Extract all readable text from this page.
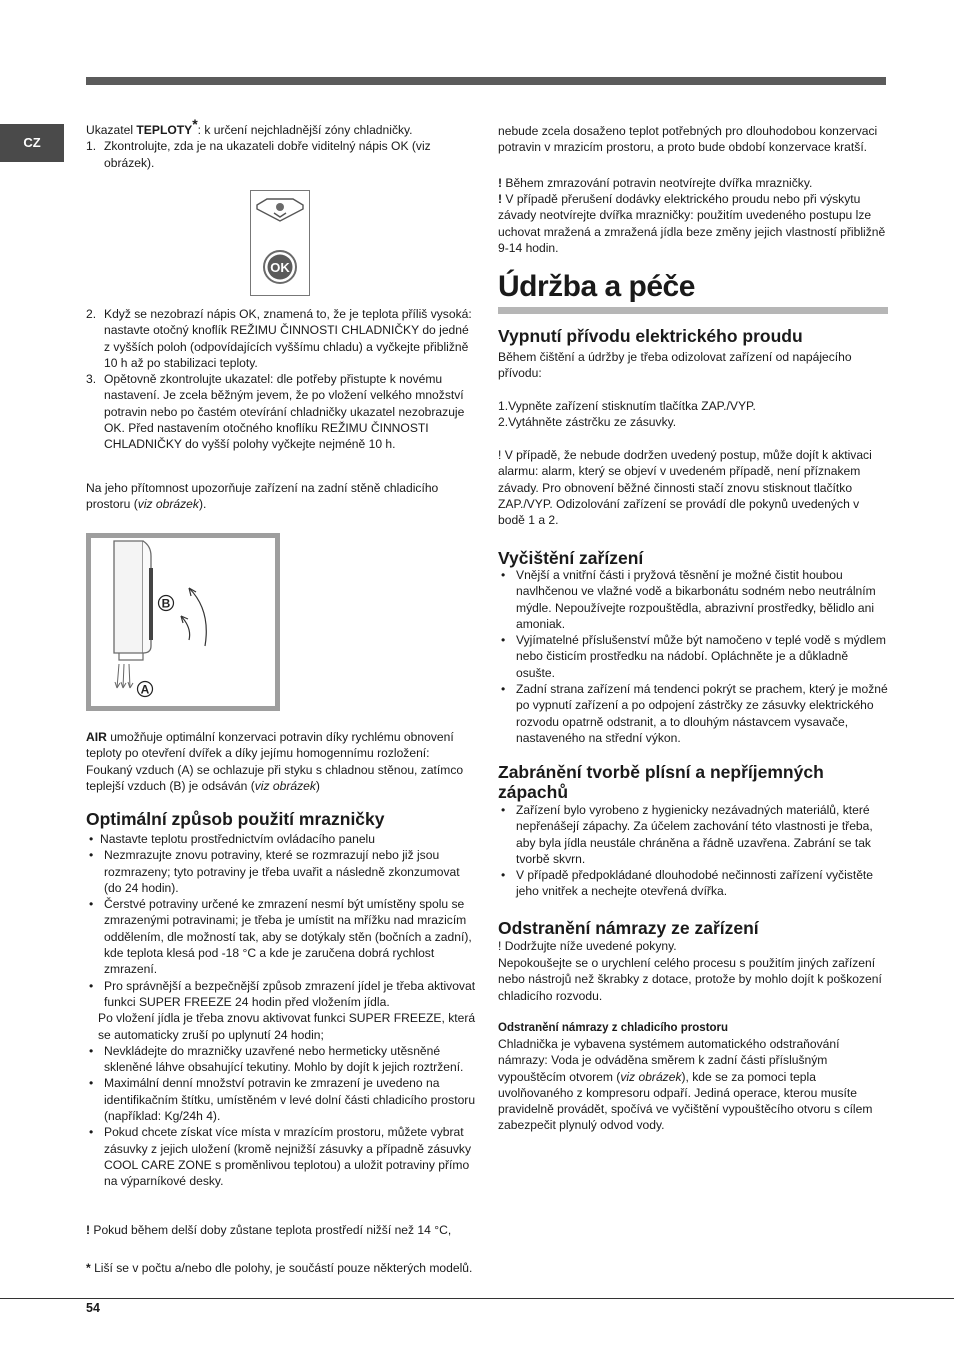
CZ

Ukazatel TEPLOTY*: k určení nejchladnější zóny chladničky.

1. Zkontrolujte, zda je na ukazateli dobře viditelný nápis OK (viz obrázek).
OK
2. Když se nezobrazí nápis OK, znamená to, že je teplota příliš vysoká: nastavte otočný knoflík REŽIMU ČINNOSTI CHLADNIČKY do jedné z vyšších poloh (odpovídajících vyššímu chladu) a vyčkejte přibližně 10 h až po stabilizaci teploty.
3. Opětovně zkontrolujte ukazatel: dle potřeby přistupte k novému nastavení. Je zcela běžným jevem, že po vložení velkého množství potravin nebo po častém otevírání chladničky ukazatel nezobrazuje OK. Před nastavením otočného knoflíku REŽIMU ČINNOSTI CHLADNIČKY do vyšší polohy vyčkejte nejméně 10 h.

Na jeho přítomnost upozorňuje zařízení na zadní stěně chladicího prostoru (viz obrázek).

A
B

AIR umožňuje optimální konzervaci potravin díky rychlému obnovení teploty po otevření dvířek a díky jejímu homogennímu rozložení: Foukaný vzduch (A) se ochlazuje při styku s chladnou stěnou, zatímco teplejší vzduch (B) je odsáván (viz obrázek)

Optimální způsob použití mrazničky
• Nastavte teplotu prostřednictvím ovládacího panelu
• Nezmrazujte znovu potraviny, které se rozmrazují nebo již jsou rozmrazeny; tyto potraviny je třeba uvařit a následně zkonzumovat (do 24 hodin).
• Čerstvé potraviny určené ke zmrazení nesmí být umístěny spolu se zmrazenými potravinami; je třeba je umístit na mřížku nad mrazicím oddělením, dle možností tak, aby se dotýkaly stěn (bočních a zadní), kde teplota klesá pod -18 °C a kde je zaručena dobrá rychlost zmrazení.
• Pro správnější a bezpečnější způsob zmrazení jídel je třeba aktivovat funkci SUPER FREEZE 24 hodin před vložením jídla.
Po vložení jídla je třeba znovu aktivovat funkci SUPER FREEZE, která se automaticky zruší po uplynutí 24 hodin;
• Nevkládejte do mrazničky uzavřené nebo hermeticky utěsněné skleněné láhve obsahující tekutiny. Mohlo by dojít k jejich roztržení.
• Maximální denní množství potravin ke zmrazení je uvedeno na identifikačním štítku, umístěném v levé dolní části chladicího prostoru (například: Kg/24h 4).
• Pokud chcete získat více místa v mrazícím prostoru, můžete vybrat zásuvky z jejich uložení (kromě nejnižší zásuvky a případně zásuvky COOL CARE ZONE s proměnlivou teplotou) a uložit potraviny přímo na výparníkové desky.

! Pokud během delší doby zůstane teplota prostředí nižší než 14 °C,

* Liší se v počtu a/nebo dle polohy, je součástí pouze některých modelů.

nebude zcela dosaženo teplot potřebných pro dlouhodobou konzervaci potravin v mrazicím prostoru, a proto bude období konzervace kratší.

! Během zmrazování potravin neotvírejte dvířka mrazničky.

! V případě přerušení dodávky elektrického proudu nebo při výskytu závady neotvírejte dvířka mrazničky: použitím uvedeného postupu lze uchovat mražená a zmražená jídla beze změny jejich vlastností přibližně 9-14 hodin.

Údržba a péče
Vypnutí přívodu elektrického proudu

Během čištění a údržby je třeba odizolovat zařízení od napájecího přívodu:

1.Vypněte zařízení stisknutím tlačítka ZAP./VYP.

2.Vytáhněte zástrčku ze zásuvky.

! V případě, že nebude dodržen uvedený postup, může dojít k aktivaci alarmu: alarm, který se objeví v uvedeném případě, není příznakem závady. Pro obnovení běžné činnosti stačí znovu stisknout tlačítko ZAP./VYP. Odizolování zařízení se provádí dle pokynů uvedených v bodě 1 a 2.

Vyčištění zařízení
• Vnější a vnitřní části i pryžová těsnění je možné čistit houbou navlhčenou ve vlažné vodě a bikarbonátu sodném nebo neutrálním mýdle. Nepoužívejte rozpouštědla, abrazivní prostředky, bělidlo ani amoniak.
• Vyjímatelné příslušenství může být namočeno v teplé vodě s mýdlem nebo čisticím prostředku na nádobí. Opláchněte je a důkladně osušte.
• Zadní strana zařízení má tendenci pokrýt se prachem, který je možné po vypnutí zařízení a po odpojení zástrčky ze zásuvky elektrického rozvodu opatrně odstranit, a to dlouhým nástavcem vysavače, nastaveného na střední výkon.
Zabránění tvorbě plísní a nepříjemných zápachů
• Zařízení bylo vyrobeno z hygienicky nezávadných materiálů, které nepřenášejí zápachy. Za účelem zachování této vlastnosti je třeba, aby byla jídla neustále chráněna a řádně uzavřena. Zabrání se tak tvorbě skvrn.
• V případě předpokládané dlouhodobé nečinnosti zařízení vyčistěte jeho vnitřek a nechejte otevřená dvířka.
Odstranění námrazy ze zařízení

! Dodržujte níže uvedené pokyny.

Nepokoušejte se o urychlení celého procesu s použitím jiných zařízení nebo nástrojů než škrabky z dotace, protože by mohlo dojít k poškození chladicího rozvodu.

Odstranění námrazy z chladicího prostoru

Chladnička je vybavena systémem automatického odstraňování námrazy: Voda je odváděna směrem k zadní části příslušným vypouštěcím otvorem (viz obrázek), kde se za pomoci tepla uvolňovaného z kompresoru odpaří. Jediná operace, kterou musíte pravidelně provádět, spočívá ve vyčištění vypouštěcího otvoru s cílem zabezpečit plynulý odvod vody.

54
